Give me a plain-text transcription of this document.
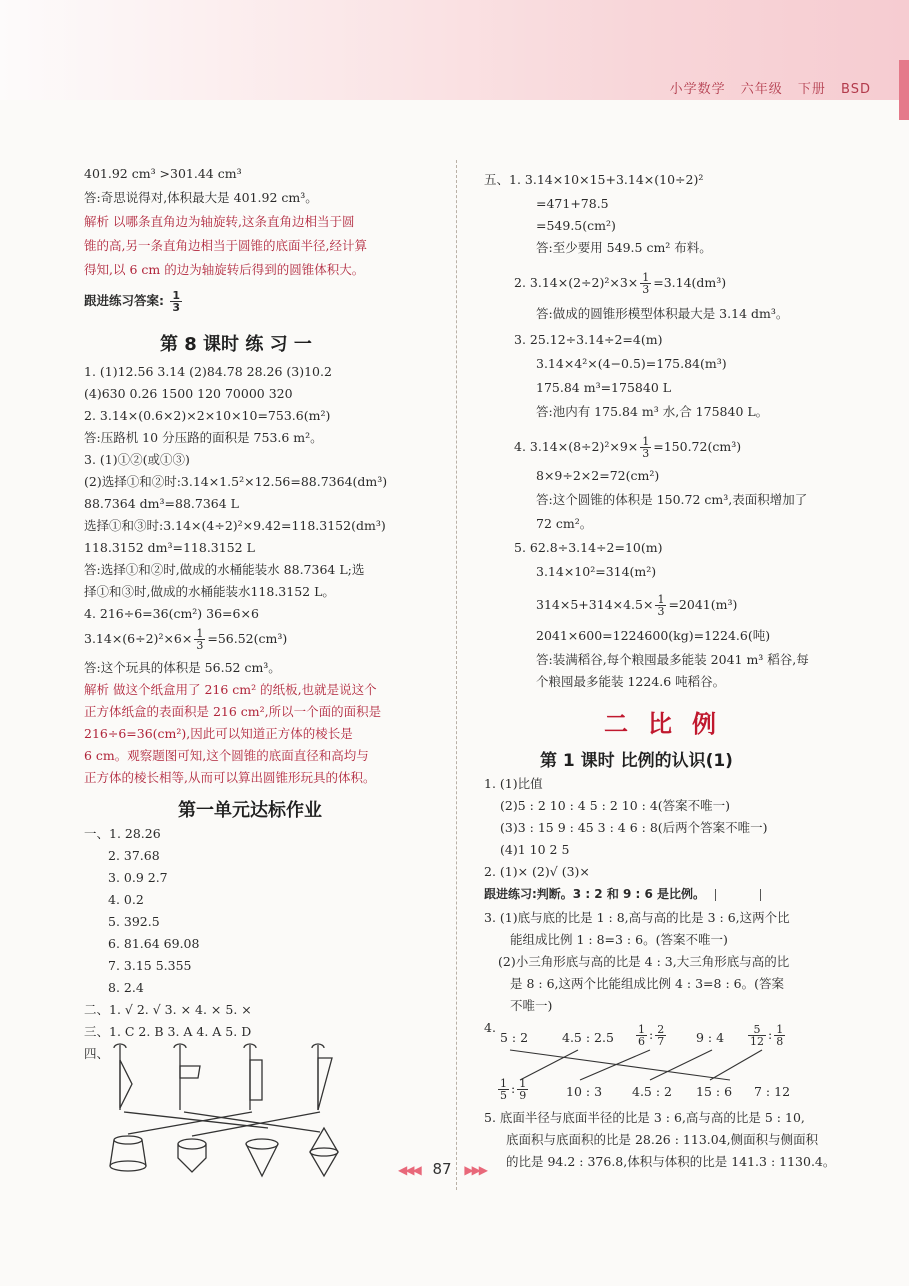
小学数学 六年级 下册 BSD
401.92 cm³ >301.44 cm³
答:奇思说得对,体积最大是 401.92 cm³。
解析 以哪条直角边为轴旋转,这条直角边相当于圆
锥的高,另一条直角边相当于圆锥的底面半径,经计算
得知,以 6 cm 的边为轴旋转后得到的圆锥体积大。
跟进练习答案: $\frac{1}{3}$
第 8 课时 练 习 一
1. (1)12.56 3.14 (2)84.78 28.26 (3)10.2
(4)630 0.26 1500 120 70000 320
2. 3.14×(0.6×2)×2×10×10=753.6(m²)
答:压路机 10 分压路的面积是 753.6 m²。
3. (1)①②(或①③)
(2)选择①和②时:3.14×1.5²×12.56=88.7364(dm³)
88.7364 dm³=88.7364 L
选择①和③时:3.14×(4÷2)²×9.42=118.3152(dm³)
118.3152 dm³=118.3152 L
答:选择①和②时,做成的水桶能装水 88.7364 L;选
择①和③时,做成的水桶能装水118.3152 L。
4. 216÷6=36(cm²) 36=6×6
$3.14\times(6\div 2)^2\times 6\times \frac{1}{3} =56.52(cm^3)$
答:这个玩具的体积是 56.52 cm³。
解析 做这个纸盒用了 216 cm² 的纸板,也就是说这个
正方体纸盒的表面积是 216 cm²,所以一个面的面积是
216÷6=36(cm²),因此可以知道正方体的棱长是
6 cm。观察题图可知,这个圆锥的底面直径和高均与
正方体的棱长相等,从而可以算出圆锥形玩具的体积。
第一单元达标作业
一、1. 28.26
2. 37.68
3. 0.9 2.7
4. 0.2
5. 392.5
6. 81.64 69.08
7. 3.15 5.355
8. 2.4
二、1. √ 2. √ 3. × 4. × 5. ×
三、1. C 2. B 3. A 4. A 5. D
四、
五、1. 3.14×10×15+3.14×(10÷2)²
=471+78.5
=549.5(cm²)
答:至少要用 549.5 cm² 布料。
2. $3.14\times(2\div 2)^2\times 3\times \frac{1}{3} =3.14(dm^3)$
答:做成的圆锥形模型体积最大是 3.14 dm³。
3. 25.12÷3.14÷2=4(m)
3.14×4²×(4−0.5)=175.84(m³)
175.84 m³=175840 L
答:池内有 175.84 m³ 水,合 175840 L。
4. $3.14\times(8\div 2)^2\times 9\times \frac{1}{3} =150.72(cm^3)$
8×9÷2×2=72(cm²)
答:这个圆锥的体积是 150.72 cm³,表面积增加了
72 cm²。
5. 62.8÷3.14÷2=10(m)
3.14×10²=314(m²)
$314\times 5+314\times 4.5\times \frac{1}{3} =2041(m^3)$
2041×600=1224600(kg)=1224.6(吨)
答:装满稻谷,每个粮囤最多能装 2041 m³ 稻谷,每
个粮囤最多能装 1224.6 吨稻谷。
二比例
第 1 课时 比例的认识(1)
1. (1)比值
(2)5 : 2 10 : 4 5 : 2 10 : 4(答案不唯一)
(3)3 : 15 9 : 45 3 : 4 6 : 8(后两个答案不唯一)
(4)1 10 2 5
2. (1)× (2)√ (3)×
跟进练习:判断。3 : 2 和 9 : 6 是比例。
3. (1)底与底的比是 1 : 8,高与高的比是 3 : 6,这两个比
能组成比例 1 : 8=3 : 6。(答案不唯一)
(2)小三角形底与高的比是 4 : 3,大三角形底与高的比
是 8 : 6,这两个比能组成比例 4 : 3=8 : 6。(答案
不唯一)
4.
5 : 2	4.5 : $2.5 \frac{1}{6}$ : $\frac{2}{7} 9$ : $4 \frac{5}{12}$ : $\frac{1}{8}$
$\frac{1}{5}$ : $\frac{1}{9}$	10 : 3 4.5 : 2 15 : 6 7 : 12
5. 底面半径与底面半径的比是 3 : 6,高与高的比是 5 : 10,
底面积与底面积的比是 28.26 : 113.04,侧面积与侧面积
的比是 94.2 : 376.8,体积与体积的比是 141.3 : 1130.4。
◀◀◀ 87 ▶▶▶
